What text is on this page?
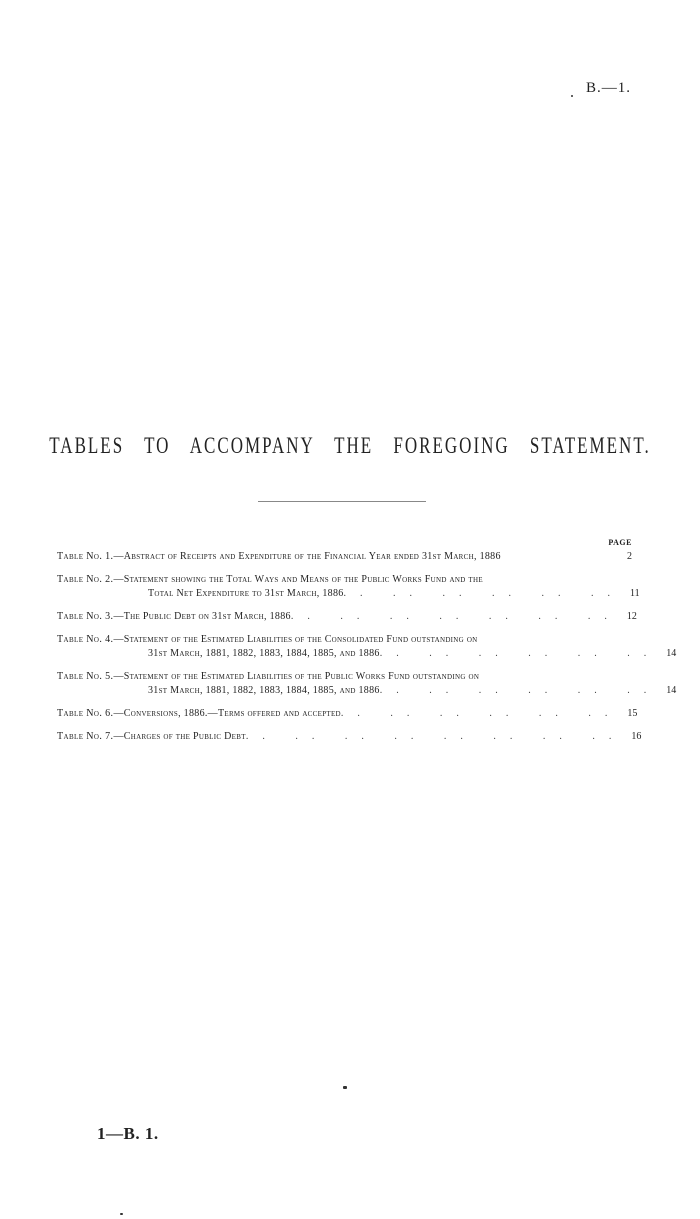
B.—1.
TABLES TO ACCOMPANY THE FOREGOING STATEMENT.
PAGE
Table No. 1. —Abstract of Receipts and Expenditure of the Financial Year ended 31st March, 1886	2
Table No. 2. —Statement showing the Total Ways and Means of the Public Works Fund and the
Total Net Expenditure to 31st March, 1886 .. .. .. .. .. .. 11
Table No. 3. —The Public Debt on 31st March, 1886 .. .. .. .. .. .. .. 12
Table No. 4. —Statement of the Estimated Liabilities of the Consolidated Fund outstanding on
31st March, 1881, 1882, 1883, 1884, 1885, and 1886 .. .. .. .. .. .. 14
Table No. 5. —Statement of the Estimated Liabilities of the Public Works Fund outstanding on
31st March, 1881, 1882, 1883, 1884, 1885, and 1886 .. .. .. .. .. .. 14
Table No. 6. —Conversions, 1886.—Terms offered and accepted .. .. .. .. .. .. 15
Table No. 7. —Charges of the Public Debt .. .. .. .. .. .. .. .. 16
1—B. 1.
